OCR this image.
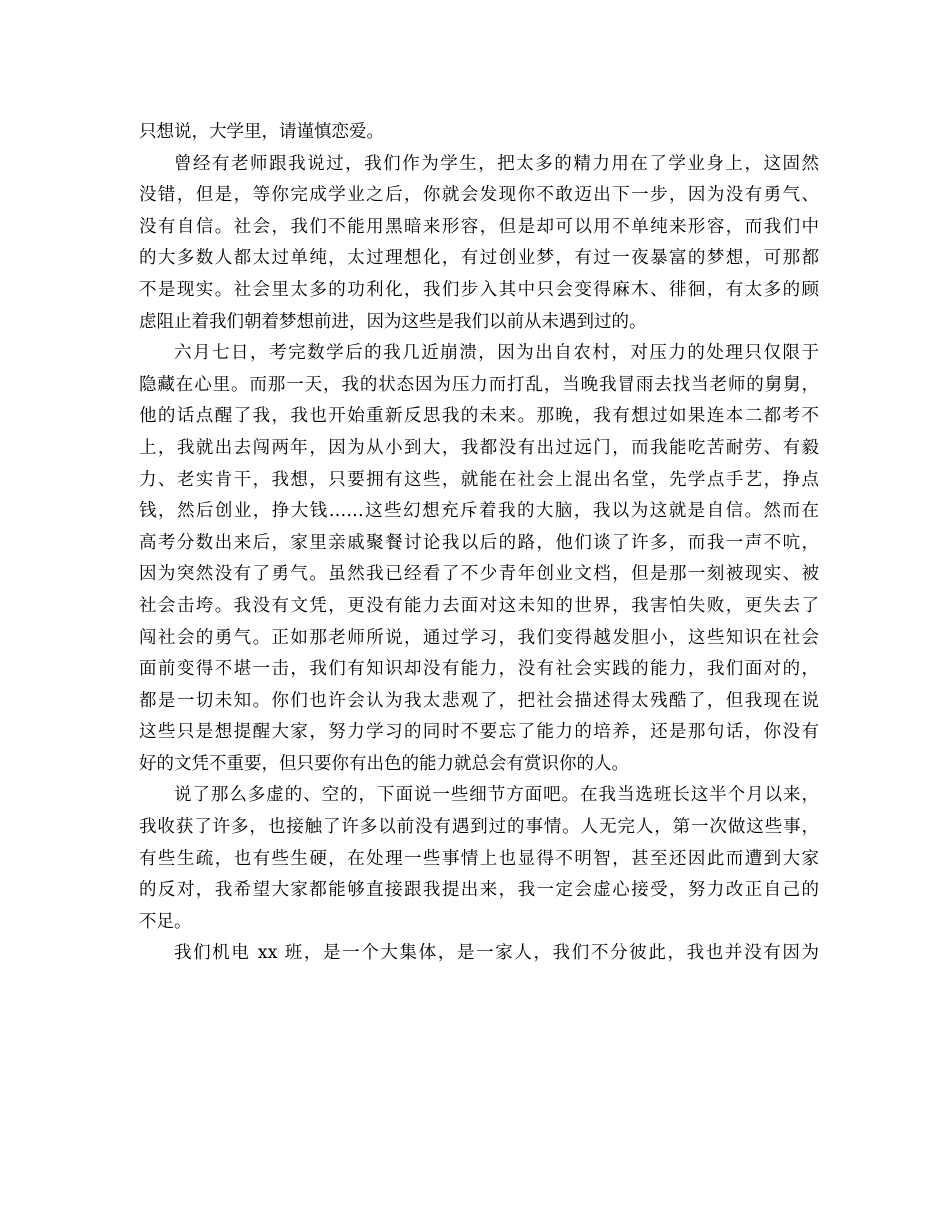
只想说，大学里，请谨慎恋爱。
曾经有老师跟我说过，我们作为学生，把太多的精力用在了学业身上，这固然
没错，但是，等你完成学业之后，你就会发现你不敢迈出下一步，因为没有勇气、
没有自信。社会，我们不能用黑暗来形容，但是却可以用不单纯来形容，而我们中
的大多数人都太过单纯，太过理想化，有过创业梦，有过一夜暴富的梦想，可那都
不是现实。社会里太多的功利化，我们步入其中只会变得麻木、徘徊，有太多的顾
虑阻止着我们朝着梦想前进，因为这些是我们以前从未遇到过的。
六月七日，考完数学后的我几近崩溃，因为出自农村，对压力的处理只仅限于
隐藏在心里。而那一天，我的状态因为压力而打乱，当晚我冒雨去找当老师的舅舅，
他的话点醒了我，我也开始重新反思我的未来。那晚，我有想过如果连本二都考不
上，我就出去闯两年，因为从小到大，我都没有出过远门，而我能吃苦耐劳、有毅
力、老实肯干，我想，只要拥有这些，就能在社会上混出名堂，先学点手艺，挣点
钱，然后创业，挣大钱……这些幻想充斥着我的大脑，我以为这就是自信。然而在
高考分数出来后，家里亲戚聚餐讨论我以后的路，他们谈了许多，而我一声不吭，
因为突然没有了勇气。虽然我已经看了不少青年创业文档，但是那一刻被现实、被
社会击垮。我没有文凭，更没有能力去面对这未知的世界，我害怕失败，更失去了
闯社会的勇气。正如那老师所说，通过学习，我们变得越发胆小，这些知识在社会
面前变得不堪一击，我们有知识却没有能力，没有社会实践的能力，我们面对的，
都是一切未知。你们也许会认为我太悲观了，把社会描述得太残酷了，但我现在说
这些只是想提醒大家，努力学习的同时不要忘了能力的培养，还是那句话，你没有
好的文凭不重要，但只要你有出色的能力就总会有赏识你的人。
说了那么多虚的、空的，下面说一些细节方面吧。在我当选班长这半个月以来，
我收获了许多，也接触了许多以前没有遇到过的事情。人无完人，第一次做这些事，
有些生疏，也有些生硬，在处理一些事情上也显得不明智，甚至还因此而遭到大家
的反对，我希望大家都能够直接跟我提出来，我一定会虚心接受，努力改正自己的
不足。
我们机电 xx 班，是一个大集体，是一家人，我们不分彼此，我也并没有因为
